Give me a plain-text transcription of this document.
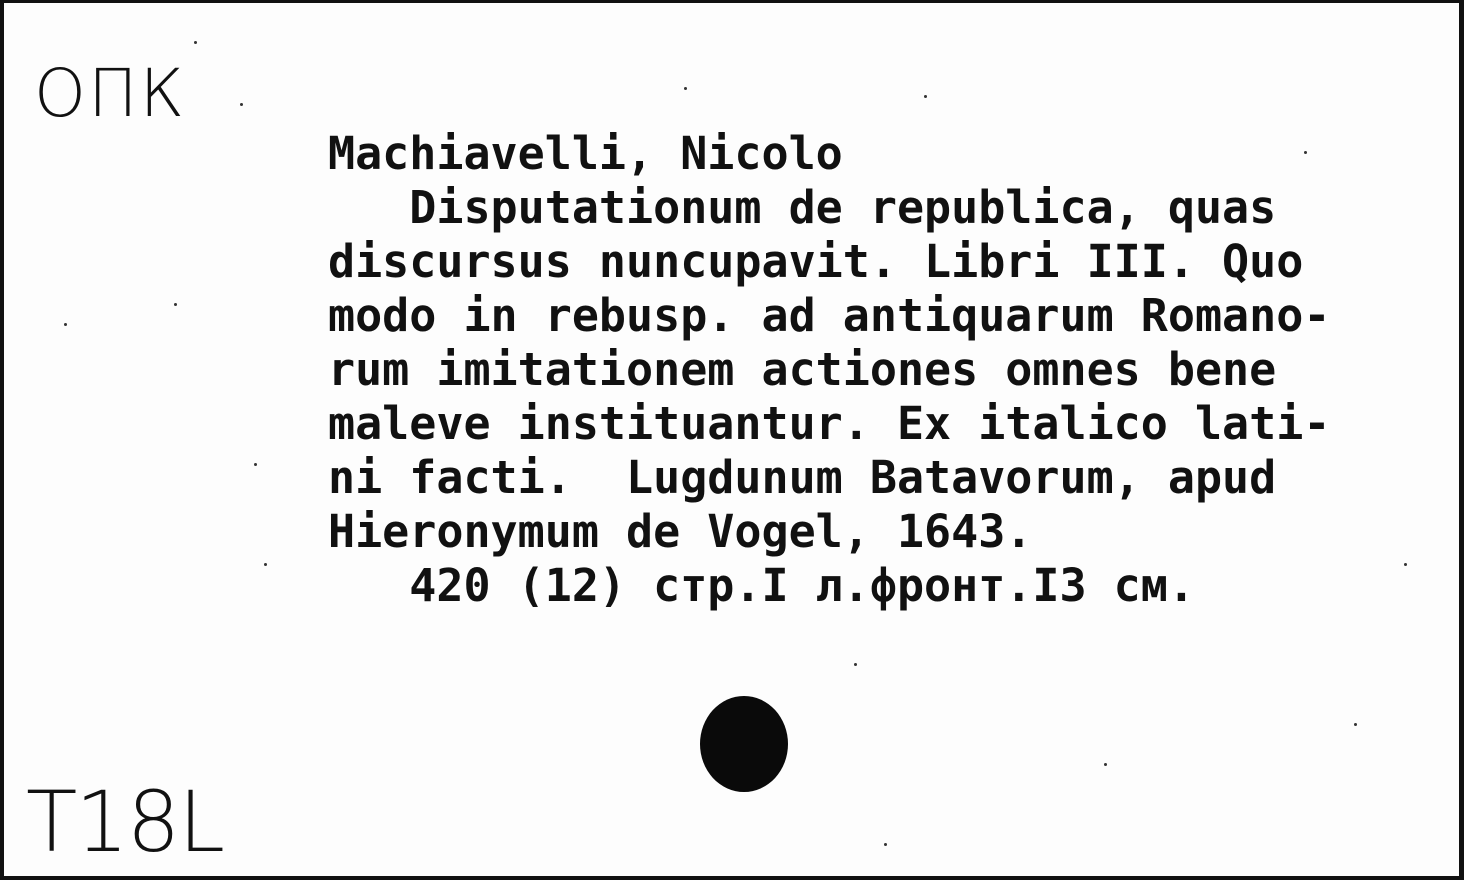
ОПК
Machiavelli, Nicolo
Disputationum de republica, quas
discursus nuncupavit. Libri III. Quo
modo in rebusp. ad antiquarum Romano-
rum imitationem actiones omnes bene
maleve instituantur. Ex italico lati-
ni facti.  Lugdunum Batavorum, apud
Hieronymum de Vogel, 1643.
420 (12) стр.I л.фронт.I3 см.
T18L
